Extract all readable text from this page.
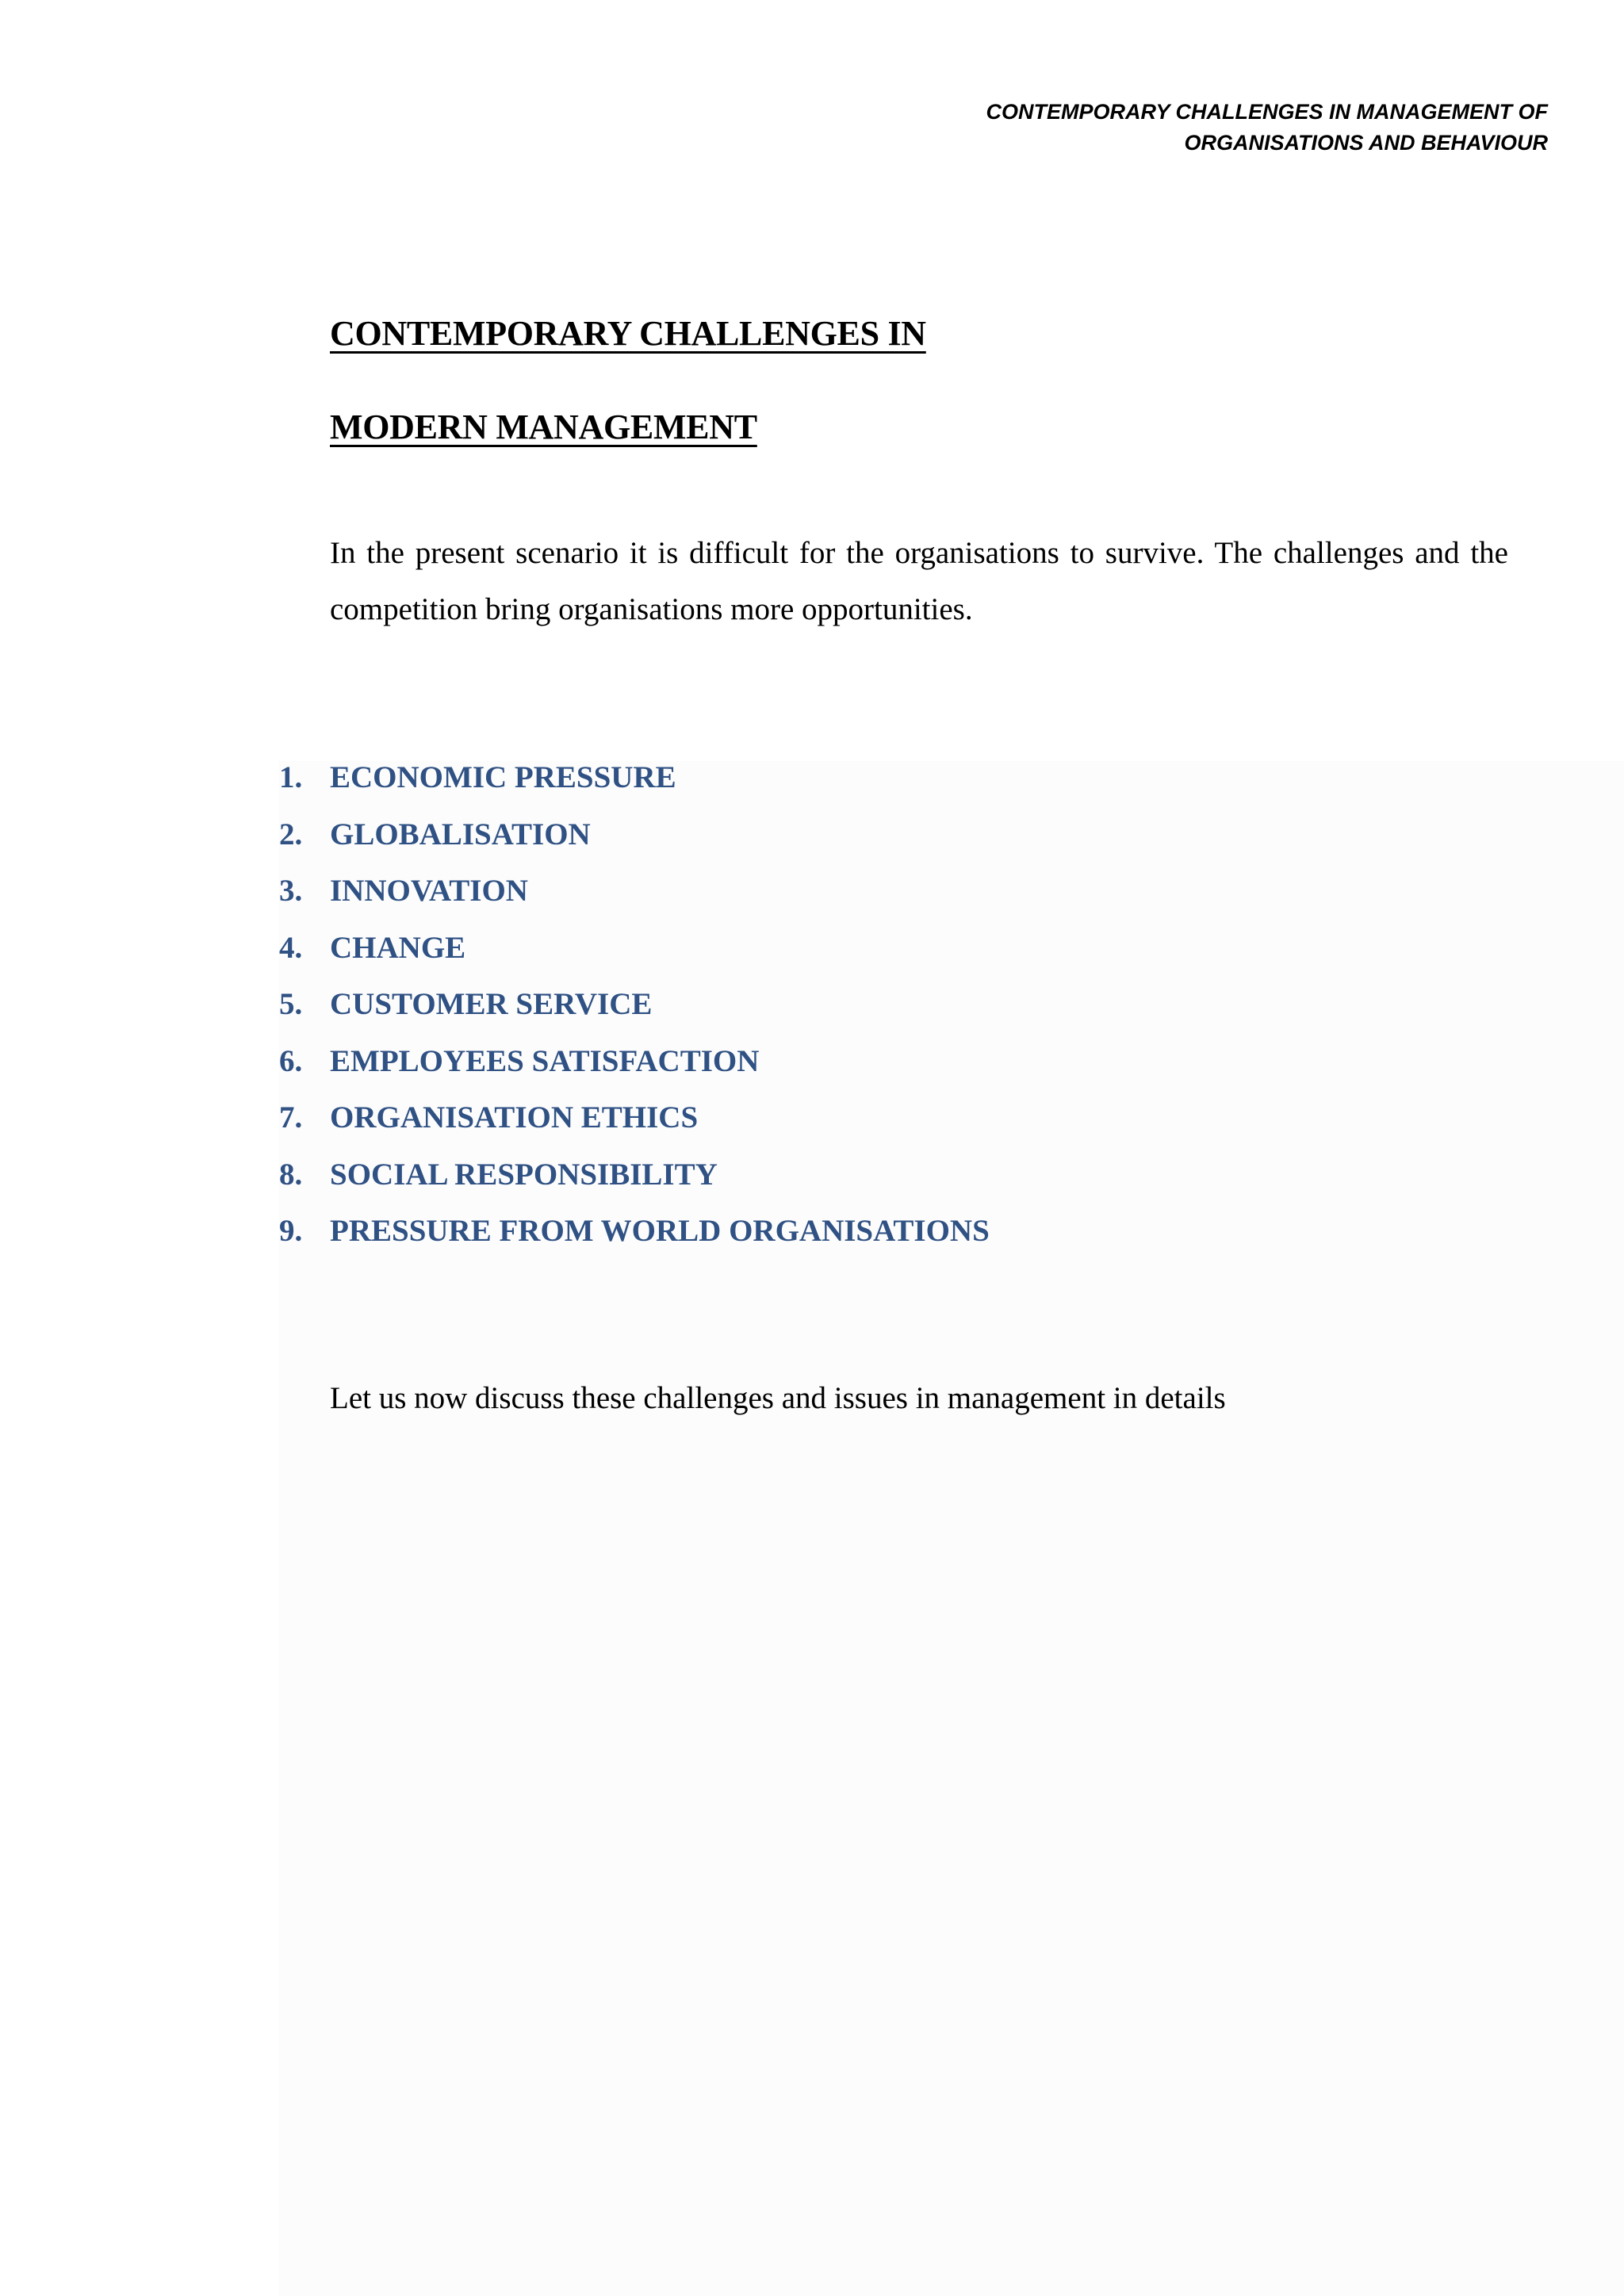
CONTEMPORARY CHALLENGES IN MANAGEMENT OF
ORGANISATIONS AND BEHAVIOUR
CONTEMPORARY CHALLENGES IN
MODERN MANAGEMENT

In the present scenario it is difficult for the organisations to survive. The challenges and the competition bring organisations more opportunities.

1. ECONOMIC PRESSURE
2. GLOBALISATION
3. INNOVATION
4. CHANGE
5. CUSTOMER SERVICE
6. EMPLOYEES SATISFACTION
7. ORGANISATION ETHICS
8. SOCIAL RESPONSIBILITY
9. PRESSURE FROM WORLD ORGANISATIONS

Let us now discuss these challenges and issues in management in details
